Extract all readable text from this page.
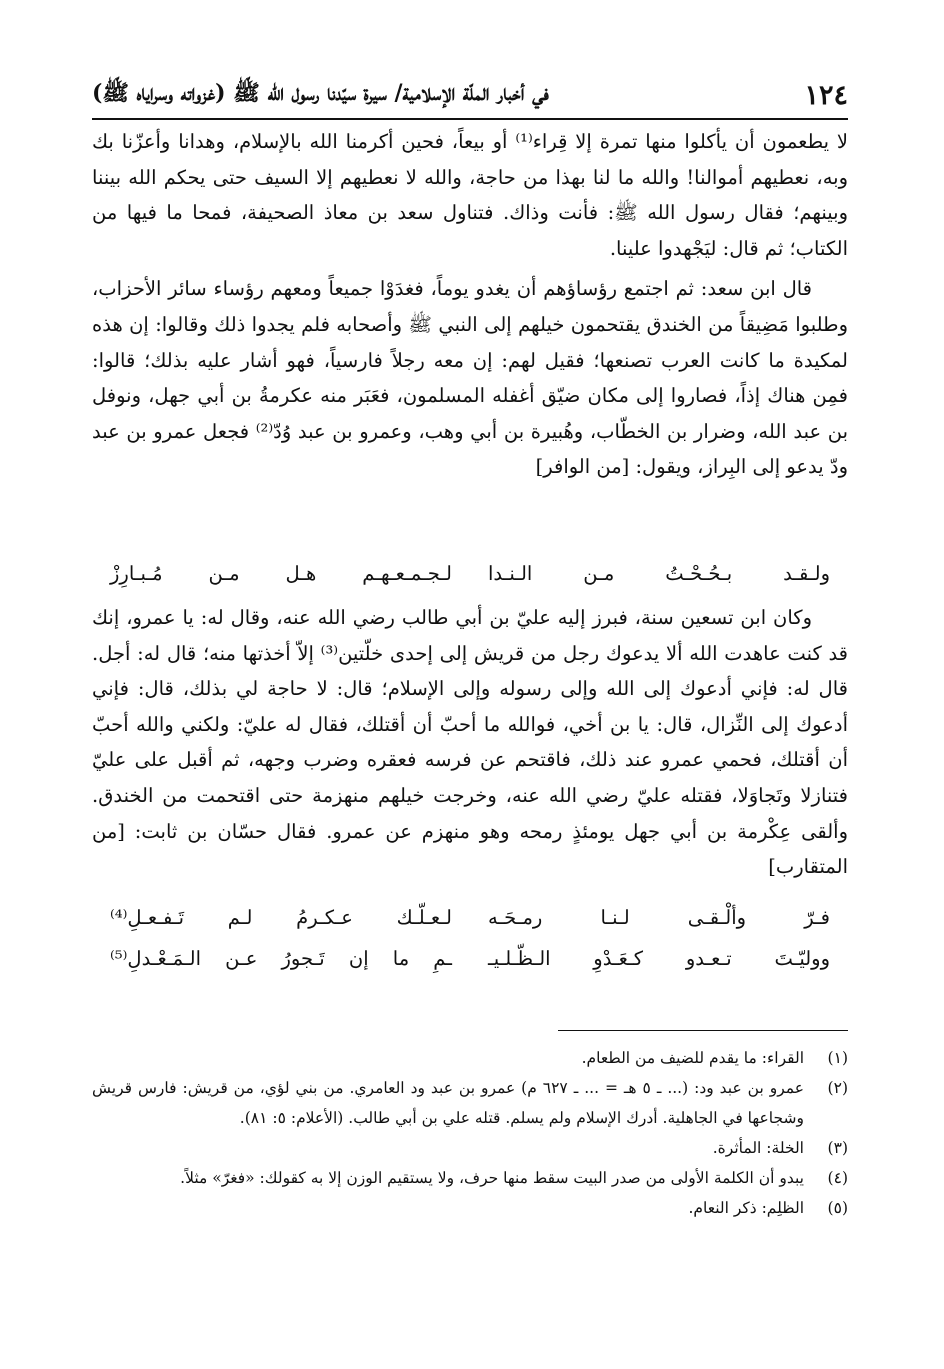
١٢٤
في أخبار الملّة الإسلامية/ سيرة سيّدنا رسول الله ﷺ (غزواته وسراياه ﷺ)

لا يطعمون أن يأكلوا منها تمرة إلا قِراء⁽¹⁾ أو بيعاً، فحين أكرمنا الله بالإسلام، وهدانا وأعزّنا بك وبه، نعطيهم أموالنا! والله ما لنا بهذا من حاجة، والله لا نعطيهم إلا السيف حتى يحكم الله بيننا وبينهم؛ فقال رسول الله ﷺ: فأنت وذاك. فتناول سعد بن معاذ الصحيفة، فمحا ما فيها من الكتاب؛ ثم قال: ليَجْهدوا علينا.

قال ابن سعد: ثم اجتمع رؤساؤهم أن يغدو يوماً، فغدَوْا جميعاً ومعهم رؤساء سائر الأحزاب، وطلبوا مَضِيقاً من الخندق يقتحمون خيلهم إلى النبي ﷺ وأصحابه فلم يجدوا ذلك وقالوا: إن هذه لمكيدة ما كانت العرب تصنعها؛ فقيل لهم: إن معه رجلاً فارسياً، فهو أشار عليه بذلك؛ قالوا: فمِن هناك إذاً، فصاروا إلى مكان ضيّق أغفله المسلمون، فعَبَر منه عكرمةُ بن أبي جهل، ونوفل بن عبد الله، وضرار بن الخطّاب، وهُبيرة بن أبي وهب، وعمرو بن عبد وُدّ⁽²⁾ فجعل عمرو بن عبد ودّ يدعو إلى البِراز، ويقول: [من الوافر]

ولـقـد بـحُـحْـتُ مـن الـنـدا
لـجـمـعـهـم هـل مـن مُـبـارِزْ

وكان ابن تسعين سنة، فبرز إليه عليّ بن أبي طالب رضي الله عنه، وقال له: يا عمرو، إنك قد كنت عاهدت الله ألا يدعوك رجل من قريش إلى إحدى خلّتين⁽³⁾ إلاّ أخذتها منه؛ قال له: أجل. قال له: فإني أدعوك إلى الله وإلى رسوله وإلى الإسلام؛ قال: لا حاجة لي بذلك، قال: فإني أدعوك إلى النِّزال، قال: يا بن أخي، فوالله ما أحبّ أن أقتلك، فقال له عليّ: ولكني والله أحبّ أن أقتلك، فحمي عمرو عند ذلك، فاقتحم عن فرسه فعقره وضرب وجهه، ثم أقبل على عليّ فتنازلا وتَجاوَلا، فقتله عليّ رضي الله عنه، وخرجت خيلهم منهزمة حتى اقتحمت من الخندق. وألقى عِكْرمة بن أبي جهل يومئذٍ رمحه وهو منهزم عن عمرو. فقال حسّان بن ثابت: [من المتقارب]

فـرّ وألْـقـى لـنـا رمـحَـه
لـعـلّـك عـكـرمُ لـم تَـفـعـلِ⁽⁴⁾
ووليّـتَ تـعـدو كـعَـدْوِ الـظّـلـيـ
ـمِ ما إن تَـجورُ عـن الـمَـعْـدلِ⁽⁵⁾
(١)
القراء: ما يقدم للضيف من الطعام.
(٢)
عمرو بن عبد ود: (... ـ ٥ هـ = ... ـ ٦٢٧ م) عمرو بن عبد ود العامري. من بني لؤي، من قريش: فارس قريش وشجاعها في الجاهلية. أدرك الإسلام ولم يسلم. قتله علي بن أبي طالب. (الأعلام: ٥: ٨١).
(٣)
الخلة: المأثرة.
(٤)
يبدو أن الكلمة الأولى من صدر البيت سقط منها حرف، ولا يستقيم الوزن إلا به كقولك: «فغرّ» مثلاً.
(٥)
الظلِم: ذكر النعام.
